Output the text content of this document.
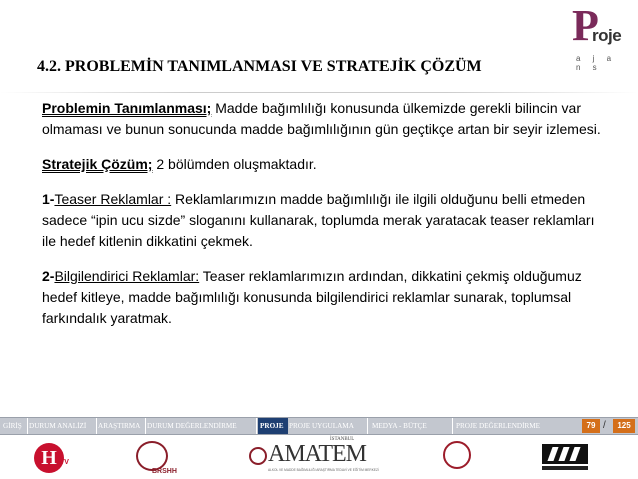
P
roje
a j a n s
4.2. PROBLEMİN TANIMLANMASI VE STRATEJİK ÇÖZÜM

Problemin Tanımlanması; Madde bağımlılığı konusunda ülkemizde gerekli bilincin var olmaması ve bunun sonucunda madde bağımlılığının gün geçtikçe artan bir seyir izlemesi.

Stratejik Çözüm; 2 bölümden oluşmaktadır.

1-Teaser Reklamlar : Reklamlarımızın madde bağımlılığı ile ilgili olduğunu belli etmeden sadece “ipin ucu sizde” sloganını kullanarak, toplumda merak yaratacak teaser reklamları ile hedef kitlenin dikkatini çekmek.

2-Bilgilendirici Reklamlar: Teaser reklamlarımızın ardından, dikkatini çekmiş olduğumuz hedef kitleye, madde bağımlılığı konusunda bilgilendirici reklamlar sunarak, toplumsal farkındalık yaratmak.

GİRİŞ	DURUM ANALİZİ	ARAŞTIRMA DURUM DEĞERLENDİRME	PROJE PROJE UYGULAMA	MEDYA - BÜTÇE	PROJE DEĞERLENDİRME	79 /	125
H TV
BRSHH
İSTANBUL
AMATEM
ALKOL VE MADDE BAĞIMLILIĞI ARAŞTIRMA TEDAVİ VE EĞİTİM MERKEZİ
